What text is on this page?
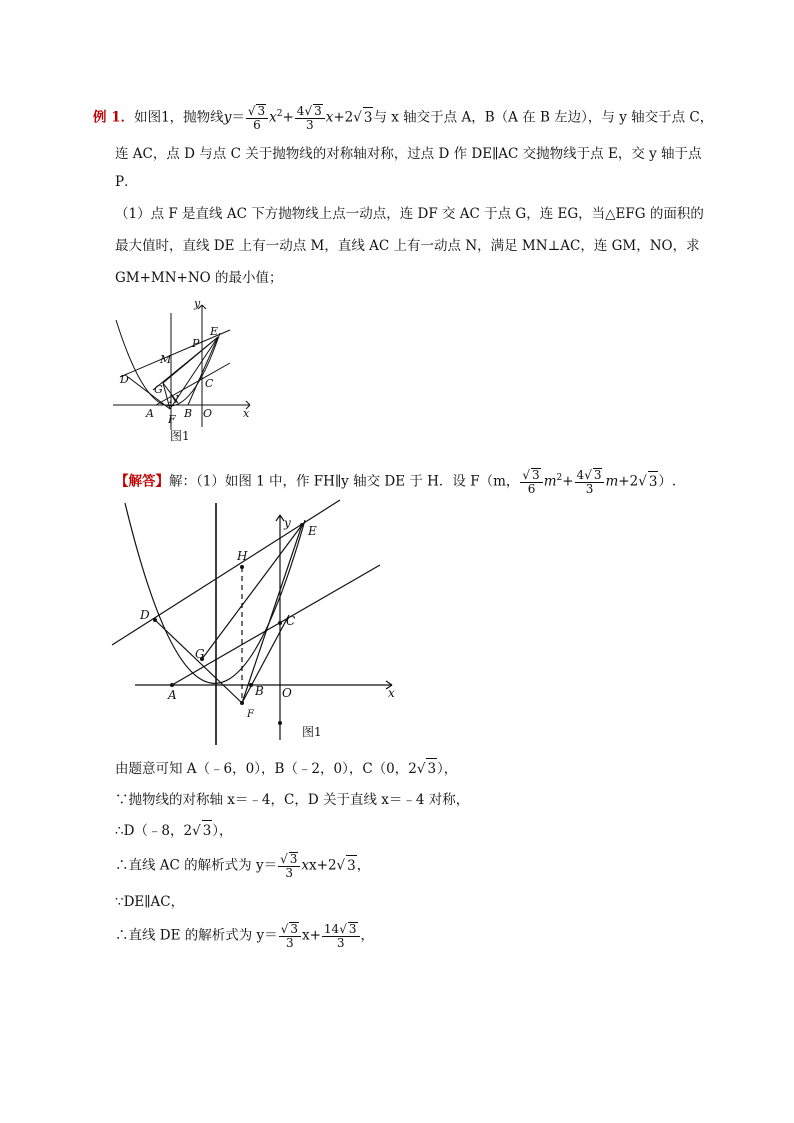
例 1．如图1，抛物线$y= \frac{√ 3}{6} x^2+ \frac{4√ 3}{3} x+2√$ 3与 x 轴交于点 A，B（A 在 B 左边），与 y 轴交于点 C，
连 AC，点 D 与点 C 关于抛物线的对称轴对称，过点 D 作 DE∥AC 交抛物线于点 E，交 y 轴于点
P．
（1）点 F 是直线 AC 下方抛物线上点一动点，连 DF 交 AC 于点 G，连 EG，当△EFG 的面积的
最大值时，直线 DE 上有一动点 M，直线 AC 上有一动点 N，满足 MN⊥AC，连 GM，NO，求
GM+MN+NO 的最小值；
y
E
P
M
C
D
G
N
A F B O	x
图1
【解答】解：（1）如图 1 中，作 FH∥y 轴交 DE 于 H．设 F（m， $\frac{√ 3}{6} m^2+ \frac{4√ 3}{3} m+2√$ 3）.
y
E
H
D	C
G
A	B O	x
F
图1
由题意可知 A（﹣6，0），B（﹣2，0），C（0，2√ 3），
∵抛物线的对称轴 x＝﹣4，C，D 关于直线 x＝﹣4 对称，
∴D（﹣8，2√ 3），
∴直线 AC 的解析式为 $y= \frac{√ 3}{3} xx+2√$ 3，
∵DE∥AC，
∴直线 DE 的解析式为 $y= \frac{√ 3}{3} x+ \frac{14√ 3}{3}$ ，
